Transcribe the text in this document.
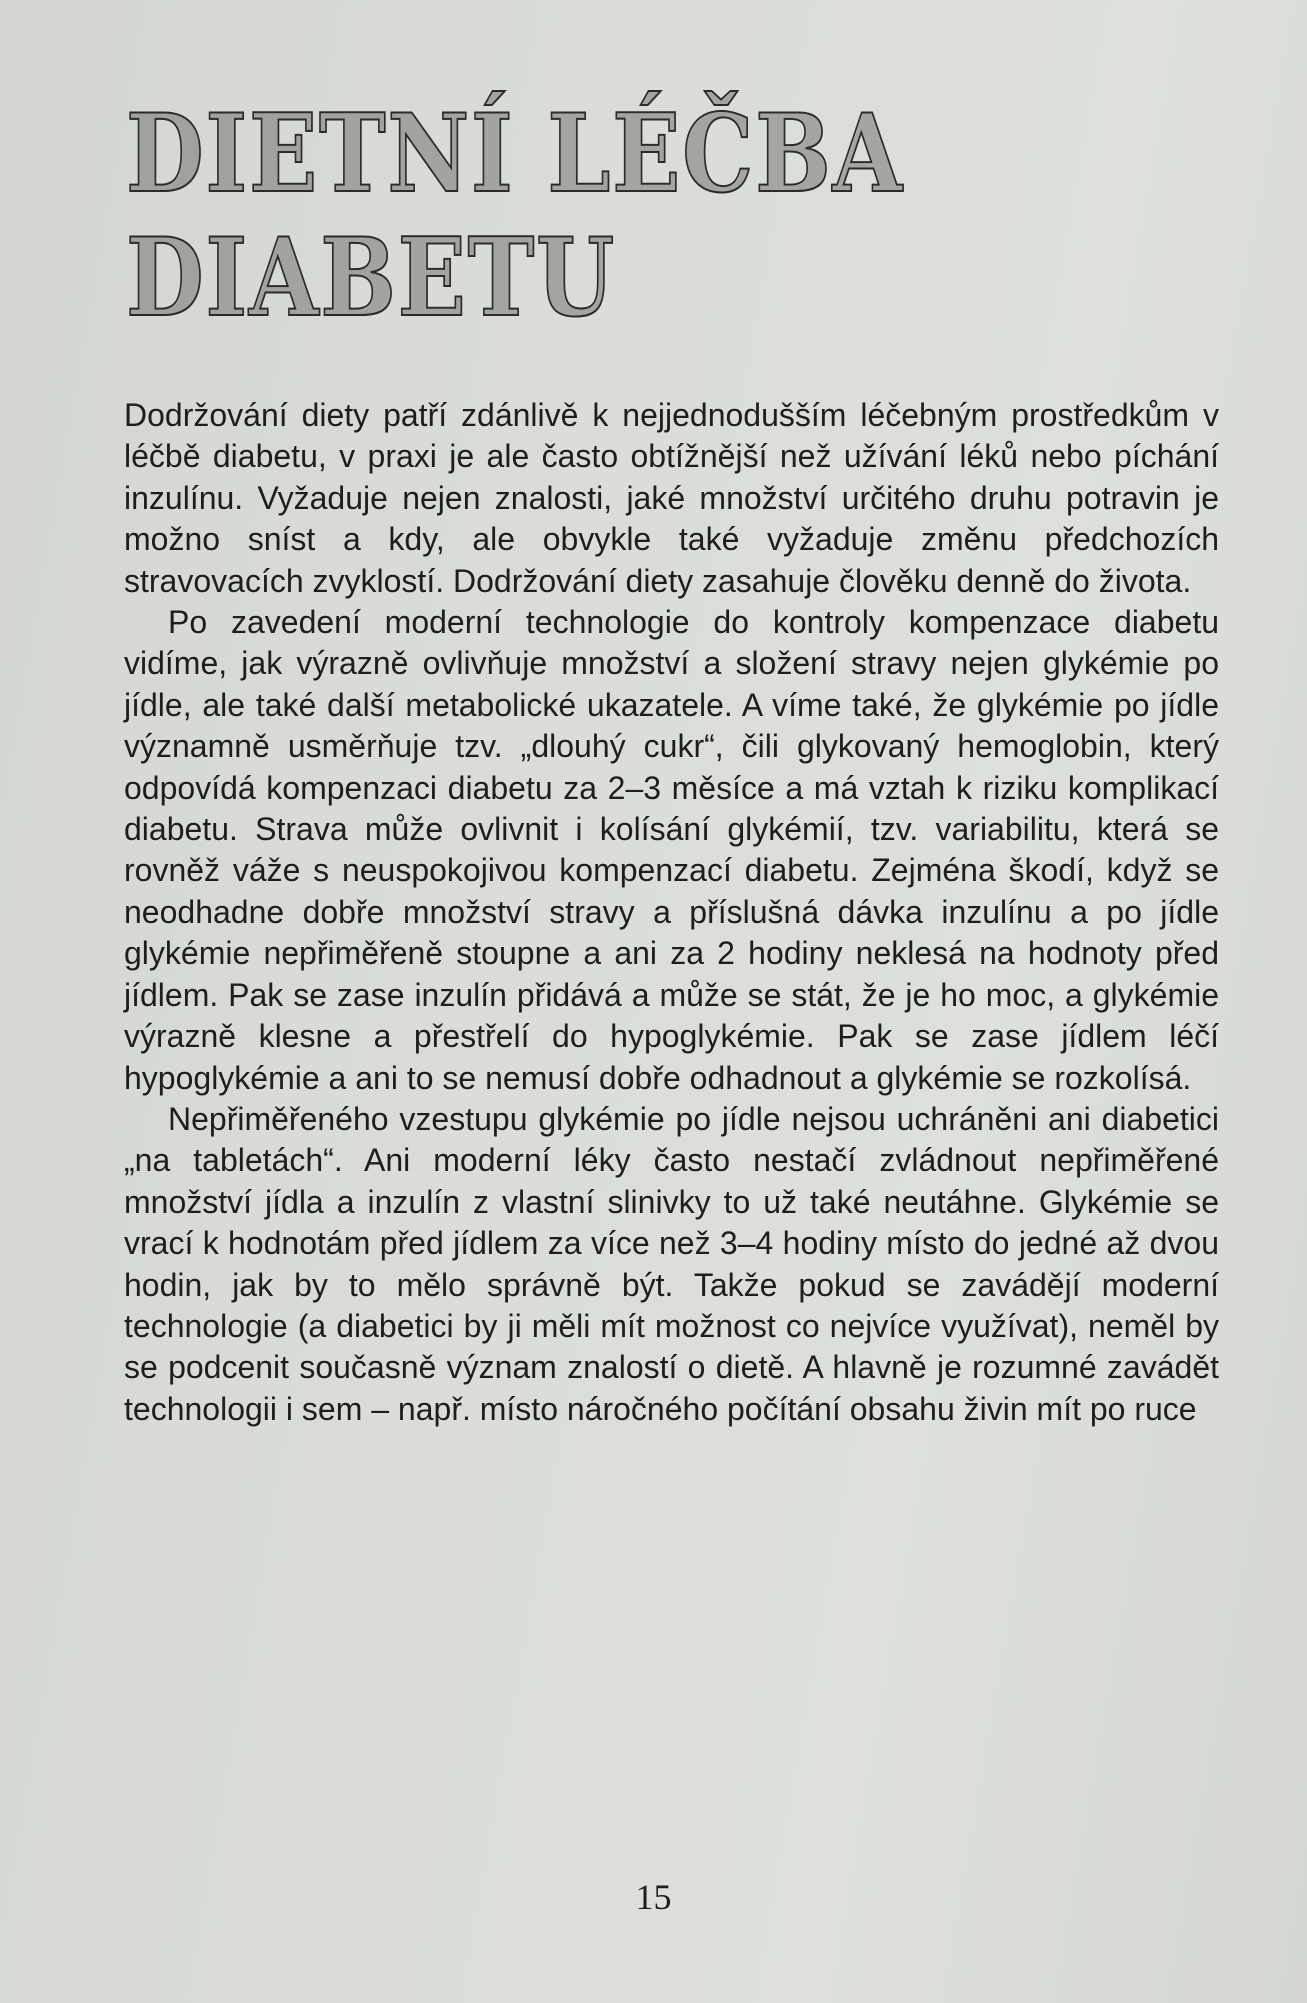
DIETNÍ LÉČBA
DIABETU

Dodržování diety patří zdánlivě k nejjednodušším léčebným prostředkům v léčbě diabetu, v praxi je ale často obtížnější než užívání léků nebo píchání inzulínu. Vyžaduje nejen znalosti, jaké množství určitého druhu potravin je možno sníst a kdy, ale obvykle také vyžaduje změnu předchozích stravovacích zvyklostí. Dodržování diety zasahuje člověku denně do života.

Po zavedení moderní technologie do kontroly kompenzace diabetu vidíme, jak výrazně ovlivňuje množství a složení stravy nejen glykémie po jídle, ale také další metabolické ukazatele. A víme také, že glykémie po jídle významně usměrňuje tzv. „dlouhý cukr“, čili glykovaný hemoglobin, který odpovídá kompenzaci diabetu za 2–3 měsíce a má vztah k riziku komplikací diabetu. Strava může ovlivnit i kolísání glykémií, tzv. variabilitu, která se rovněž váže s neuspokojivou kompenzací diabetu. Zejména škodí, když se neodhadne dobře množství stravy a příslušná dávka inzulínu a po jídle glykémie nepřiměřeně stoupne a ani za 2 hodiny neklesá na hodnoty před jídlem. Pak se zase inzulín přidává a může se stát, že je ho moc, a glykémie výrazně klesne a přestřelí do hypoglykémie. Pak se zase jídlem léčí hypoglykémie a ani to se nemusí dobře odhadnout a glykémie se rozkolísá.

Nepřiměřeného vzestupu glykémie po jídle nejsou uchráněni ani diabetici „na tabletách“. Ani moderní léky často nestačí zvládnout nepřiměřené množství jídla a inzulín z vlastní slinivky to už také neutáhne. Glykémie se vrací k hodnotám před jídlem za více než 3–4 hodiny místo do jedné až dvou hodin, jak by to mělo správně být. Takže pokud se zavádějí moderní technologie (a diabetici by ji měli mít možnost co nejvíce využívat), neměl by se podcenit současně význam znalostí o dietě. A hlavně je rozumné zavádět technologii i sem – např. místo náročného počítání obsahu živin mít po ruce

15
